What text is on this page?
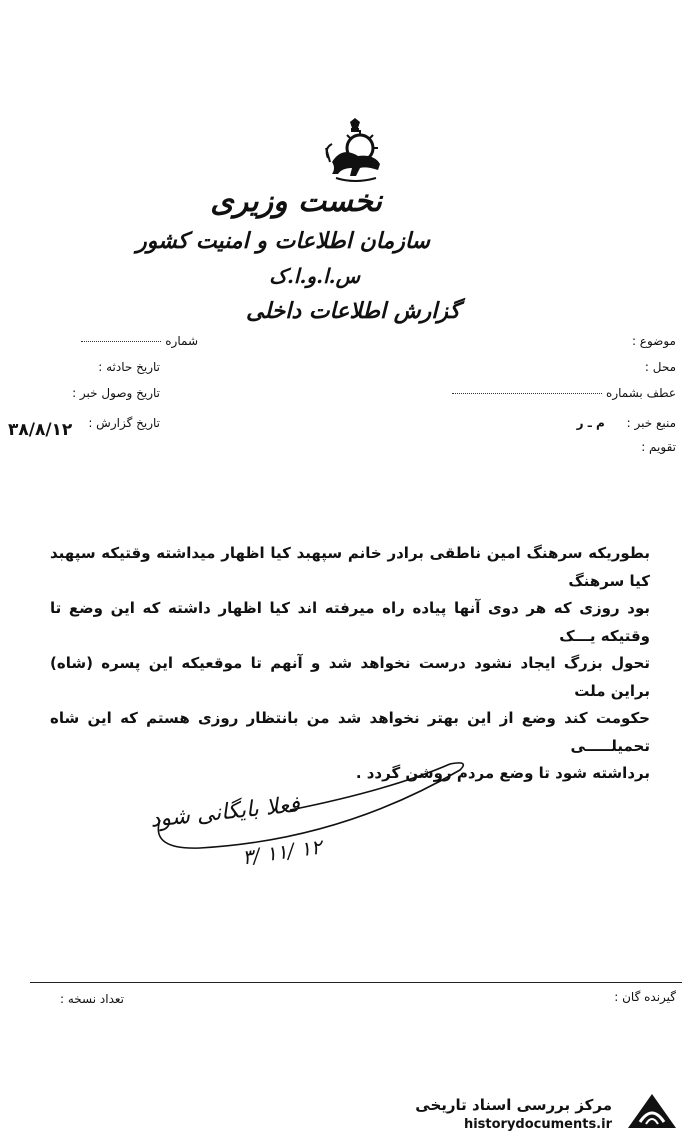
نخست وزیری
سازمان اطلاعات و امنیت کشور
س.ا.و.ا.ک
گزارش اطلاعات داخلی
موضوع :
محل :
عطف بشماره
منبع خبر : م ـ ر
تقویم :
شماره
تاریخ حادثه :
تاریخ وصول خبر :
تاریخ گزارش :
۳۸/۸/۱۲
بطوریکه سرهنگ امین ناطقی برادر خانم سپهبد کیا اظهار میداشته وقتیکه سپهبد کیا سرهنگ
بود روزی که هر دوی آنها پیاده راه میرفته اند کیا اظهار داشته که این وضع تا وقتیکه یـــک
تحول بزرگ ایجاد نشود درست نخواهد شد و آنهم تا موقعیکه این پسره (شاه) براین ملت
حکومت کند وضع از این بهتر نخواهد شد من بانتظار روزی هستم که این شاه تحمیلـــــی
برداشته شود تا وضع مردم روشن گردد .
فعلا بایگانی شود
۳/ ۱۱/ ۱۲
گیرنده گان :
تعداد نسخه :
مرکز بررسی اسناد تاریخی
historydocuments.ir
